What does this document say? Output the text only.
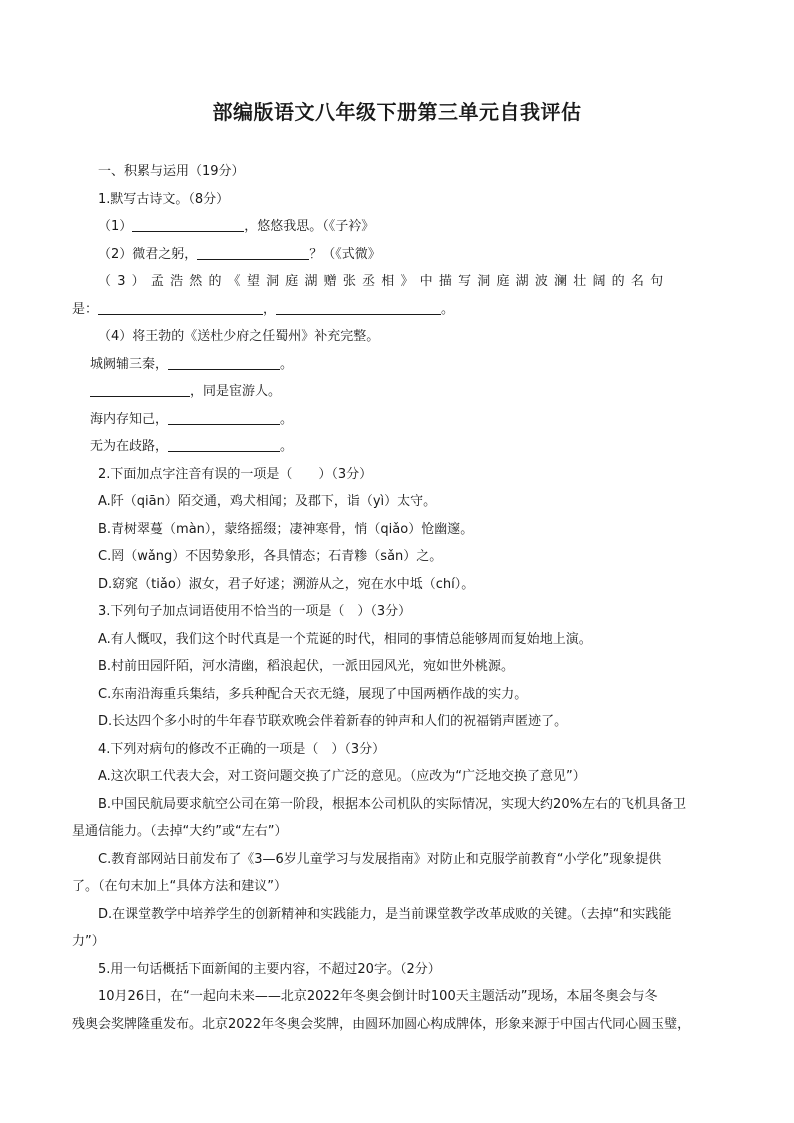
部编版语文八年级下册第三单元自我评估
一、积累与运用（19分）
1.默写古诗文。（8分）
（1）	，悠悠我思。（《子衿》
（2）微君之躬，	？（《式微》
（3）孟浩然的《望洞庭湖赠张丞相》中描写洞庭湖波澜壮阔的名句
是：	，	。
（4）将王勃的《送杜少府之任蜀州》补充完整。
城阙辅三秦，	。
，同是宦游人。
海内存知己，	。
无为在歧路，	。
2.下面加点字注音有误的一项是（　　）（3分）
A.阡（qiān）陌交通，鸡犬相闻；及郡下，诣（yì）太守。
B.青树翠蔓（màn），蒙络摇缀；凄神寒骨，悄（qiǎo）怆幽邃。
C.罔（wǎng）不因势象形，各具情态；石青糁（sǎn）之。
D.窈窕（tiǎo）淑女，君子好逑；溯游从之，宛在水中坻（chí）。
3.下列句子加点词语使用不恰当的一项是（　）（3分）
A.有人慨叹，我们这个时代真是一个荒诞的时代，相同的事情总能够周而复始地上演。
B.村前田园阡陌，河水清幽，稻浪起伏，一派田园风光，宛如世外桃源。
C.东南沿海重兵集结，多兵种配合天衣无缝，展现了中国两栖作战的实力。
D.长达四个多小时的牛年春节联欢晚会伴着新春的钟声和人们的祝福销声匿迹了。
4.下列对病句的修改不正确的一项是（　）（3分）
A.这次职工代表大会，对工资问题交换了广泛的意见。（应改为“广泛地交换了意见”）
B.中国民航局要求航空公司在第一阶段，根据本公司机队的实际情况，实现大约20%左右的飞机具备卫
星通信能力。（去掉“大约”或“左右”）
C.教育部网站日前发布了《3—6岁儿童学习与发展指南》对防止和克服学前教育“小学化”现象提供
了。（在句末加上“具体方法和建议”）
D.在课堂教学中培养学生的创新精神和实践能力，是当前课堂教学改革成败的关键。（去掉“和实践能
力”）
5.用一句话概括下面新闻的主要内容，不超过20字。（2分）
10月26日，在“一起向未来——北京2022年冬奥会倒计时100天主题活动”现场，本届冬奥会与冬
残奥会奖牌隆重发布。北京2022年冬奥会奖牌，由圆环加圆心构成牌体，形象来源于中国古代同心圆玉璧，
